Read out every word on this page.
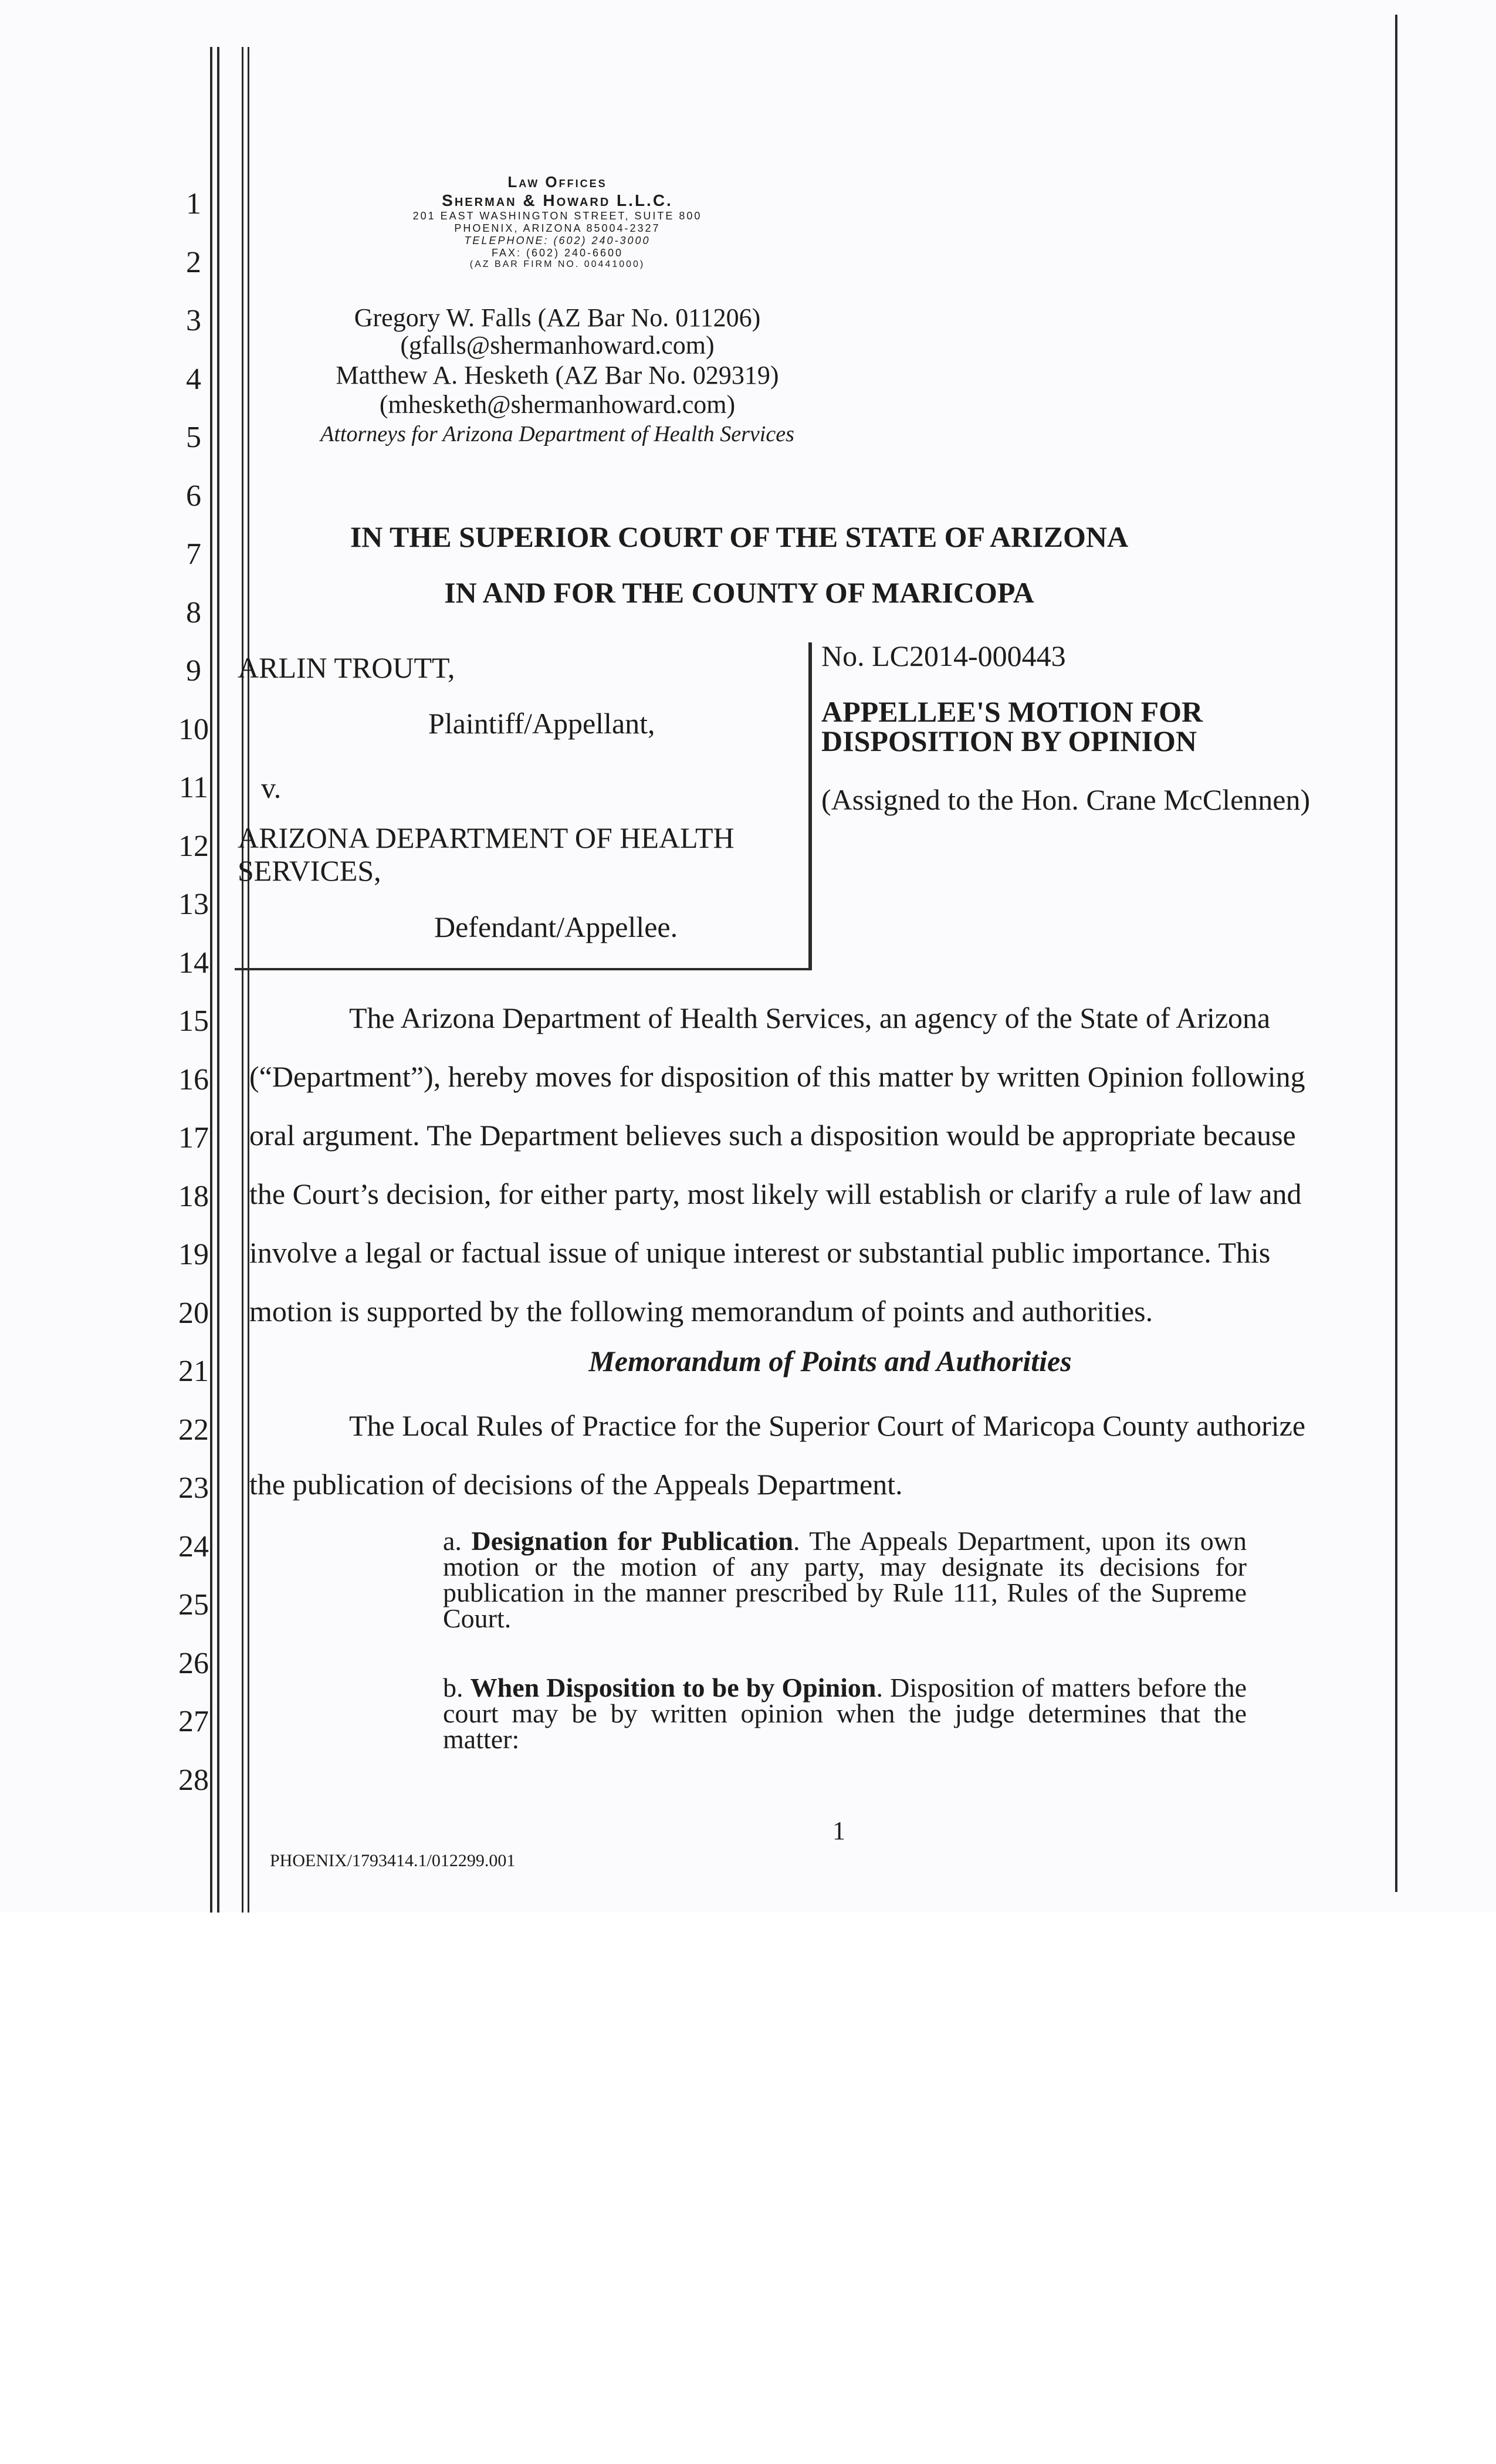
1
2
3
4
5
6
7
8
9
10
11
12
13
14
15
16
17
18
19
20
21
22
23
24
25
26
27
28
Law Offices
Sherman & Howard L.L.C.
201 EAST WASHINGTON STREET, SUITE 800
PHOENIX, ARIZONA 85004-2327
TELEPHONE: (602) 240-3000
FAX: (602) 240-6600
(AZ BAR FIRM NO. 00441000)
Gregory W. Falls (AZ Bar No. 011206)
(gfalls@shermanhoward.com)
Matthew A. Hesketh (AZ Bar No. 029319)
(mhesketh@shermanhoward.com)
Attorneys for Arizona Department of Health Services
IN THE SUPERIOR COURT OF THE STATE OF ARIZONA
IN AND FOR THE COUNTY OF MARICOPA
ARLIN TROUTT,
Plaintiff/Appellant,
v.
ARIZONA DEPARTMENT OF HEALTH
SERVICES,
Defendant/Appellee.
No. LC2014-000443
APPELLEE'S MOTION FOR
DISPOSITION BY OPINION
(Assigned to the Hon. Crane McClennen)
The Arizona Department of Health Services, an agency of the State of Arizona
(“Department”), hereby moves for disposition of this matter by written Opinion following
oral argument. The Department believes such a disposition would be appropriate because
the Court’s decision, for either party, most likely will establish or clarify a rule of law and
involve a legal or factual issue of unique interest or substantial public importance. This
motion is supported by the following memorandum of points and authorities.
Memorandum of Points and Authorities
The Local Rules of Practice for the Superior Court of Maricopa County authorize
the publication of decisions of the Appeals Department.
a. Designation for Publication. The Appeals Department, upon its own motion or the motion of any party, may designate its decisions for publication in the manner prescribed by Rule 111, Rules of the Supreme Court.
b. When Disposition to be by Opinion. Disposition of matters before the court may be by written opinion when the judge determines that the matter:
1
PHOENIX/1793414.1/012299.001
